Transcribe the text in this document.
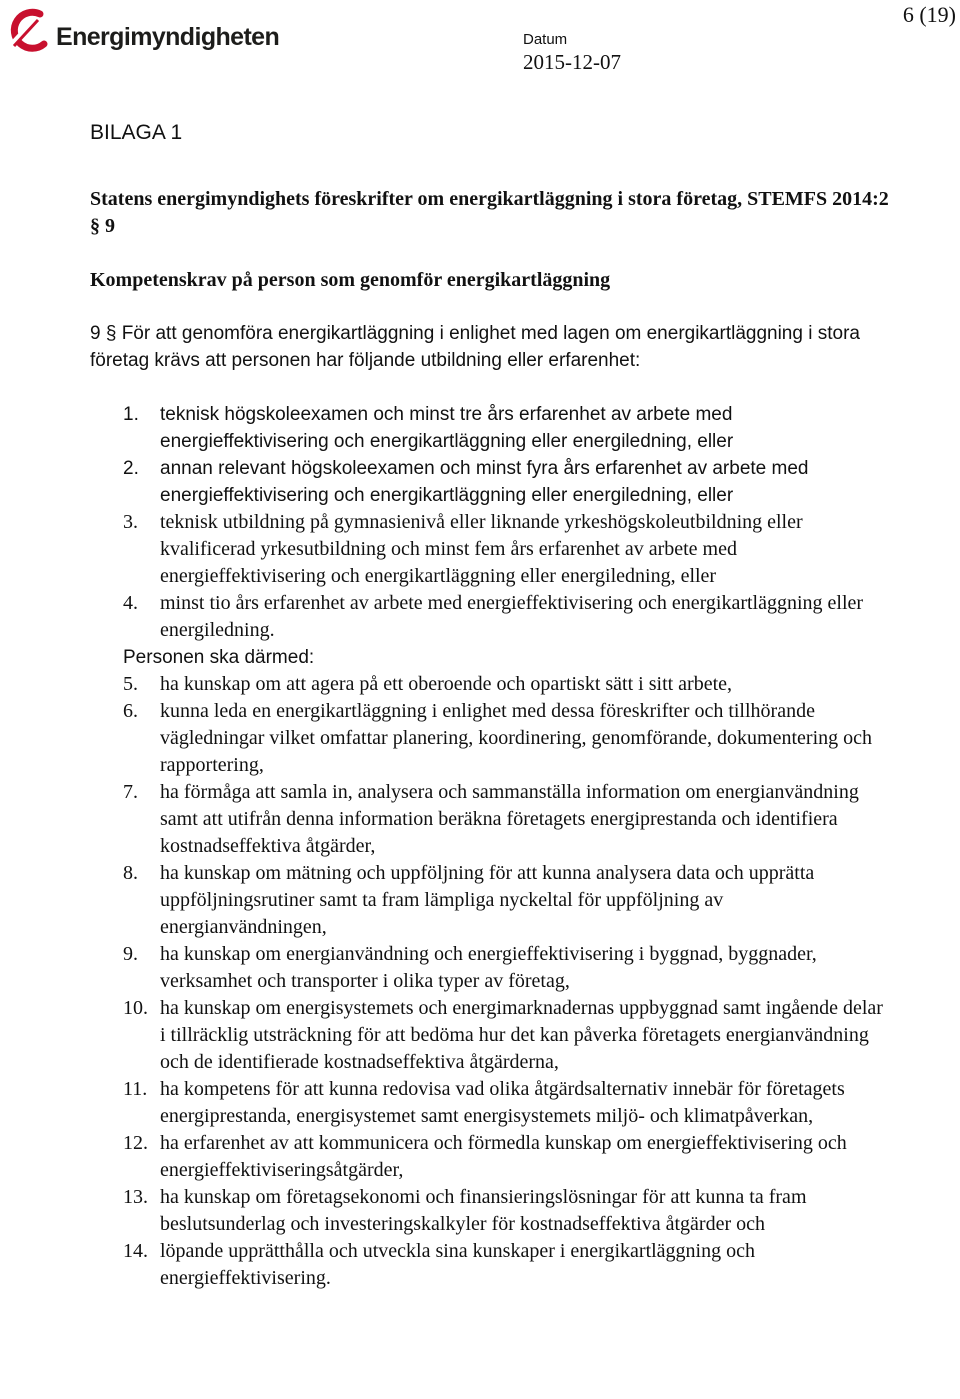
Energimyndigheten
6 (19)
Datum
2015-12-07
BILAGA 1
Statens energimyndighets föreskrifter om energikartläggning i stora företag, STEMFS 2014:2 § 9
Kompetenskrav på person som genomför energikartläggning
9 § För att genomföra energikartläggning i enlighet med lagen om energikartläggning i stora företag krävs att personen har följande utbildning eller erfarenhet:
1.	teknisk högskoleexamen och minst tre års erfarenhet av arbete med energieffektivisering och energikartläggning eller energiledning, eller
2.	annan relevant högskoleexamen och minst fyra års erfarenhet av arbete med energieffektivisering och energikartläggning eller energiledning, eller
3.	teknisk utbildning på gymnasienivå eller liknande yrkeshögskoleutbildning eller kvalificerad yrkesutbildning och minst fem års erfarenhet av arbete med energieffektivisering och energikartläggning eller energiledning, eller
4.	minst tio års erfarenhet av arbete med energieffektivisering och energikartläggning eller energiledning.
Personen ska därmed:
5.	ha kunskap om att agera på ett oberoende och opartiskt sätt i sitt arbete,
6.	kunna leda en energikartläggning i enlighet med dessa föreskrifter och tillhörande vägledningar vilket omfattar planering, koordinering, genomförande, dokumentering och rapportering,
7.	ha förmåga att samla in, analysera och sammanställa information om energianvändning samt att utifrån denna information beräkna företagets energiprestanda och identifiera kostnadseffektiva åtgärder,
8.	ha kunskap om mätning och uppföljning för att kunna analysera data och upprätta uppföljningsrutiner samt ta fram lämpliga nyckeltal för uppföljning av energianvändningen,
9.	ha kunskap om energianvändning och energieffektivisering i byggnad, byggnader, verksamhet och transporter i olika typer av företag,
10. ha kunskap om energisystemets och energimarknadernas uppbyggnad samt ingående delar i tillräcklig utsträckning för att bedöma hur det kan påverka företagets energianvändning och de identifierade kostnadseffektiva åtgärderna,
11. ha kompetens för att kunna redovisa vad olika åtgärdsalternativ innebär för företagets energiprestanda, energisystemet samt energisystemets miljö- och klimatpåverkan,
12. ha erfarenhet av att kommunicera och förmedla kunskap om energieffektivisering och energieffektiviseringsåtgärder,
13. ha kunskap om företagsekonomi och finansieringslösningar för att kunna ta fram beslutsunderlag och investeringskalkyler för kostnadseffektiva åtgärder och
14. löpande upprätthålla och utveckla sina kunskaper i energikartläggning och energieffektivisering.
